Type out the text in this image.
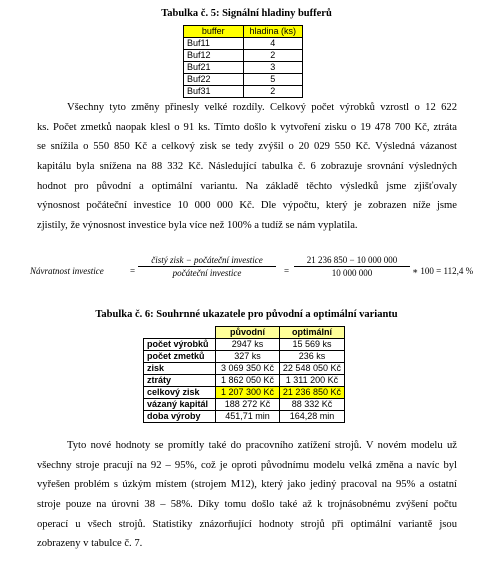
Tabulka č. 5: Signální hladiny bufferů
buffer	hladina (ks)
Buf11	4
Buf12	2
Buf21	3
Buf22	5
Buf31	2
Všechny tyto změny přinesly velké rozdíly. Celkový počet výrobků vzrostl o 12 622
ks. Počet zmetků naopak klesl o 91 ks. Tímto došlo k vytvoření zisku o 19 478 700 Kč, ztráta
se snížila o 550 850 Kč a celkový zisk se tedy zvýšil o 20 029 550 Kč. Výsledná vázanost
kapitálu byla snížena na 88 332 Kč. Následující tabulka č. 6 zobrazuje srovnání výsledných
hodnot pro původní a optimální variantu. Na základě těchto výsledků jsme zjišťovaly
výnosnost počáteční investice 10 000 000 Kč. Dle výpočtu, který je zobrazen níže jsme
zjistily, že výnosnost investice byla více než 100% a tudíž se nám vyplatila.
Návratnost investice	=
čistý zisk − počáteční investice
počáteční investice	= $\frac{21 236 850 - 10 000 000}{10 000 000}$ ∗ 100 = 112,4 %
Tabulka č. 6: Souhrnné ukazatele pro původní a optimální variantu
	původní	optimální
počet výrobků	2947 ks	15 569 ks
počet zmetků	327 ks	236 ks
zisk	3 069 350 Kč	22 548 050 Kč
ztráty	1 862 050 Kč	1 311 200 Kč
celkový zisk	1 207 300 Kč	21 236 850 Kč
vázaný kapitál	188 272 Kč	88 332 Kč
doba výroby	451,71 min	164,28 min
Tyto nové hodnoty se promítly také do pracovního zatížení strojů. V novém modelu už
všechny stroje pracují na 92 – 95%, což je oproti původnímu modelu velká změna a navíc byl
vyřešen problém s úzkým místem (strojem M12), který jako jediný pracoval na 95% a ostatní
stroje pouze na úrovni 38 – 58%. Díky tomu došlo také až k trojnásobnému zvýšení počtu
operací u všech strojů. Statistiky znázorňující hodnoty strojů při optimální variantě jsou
zobrazeny v tabulce č. 7.
